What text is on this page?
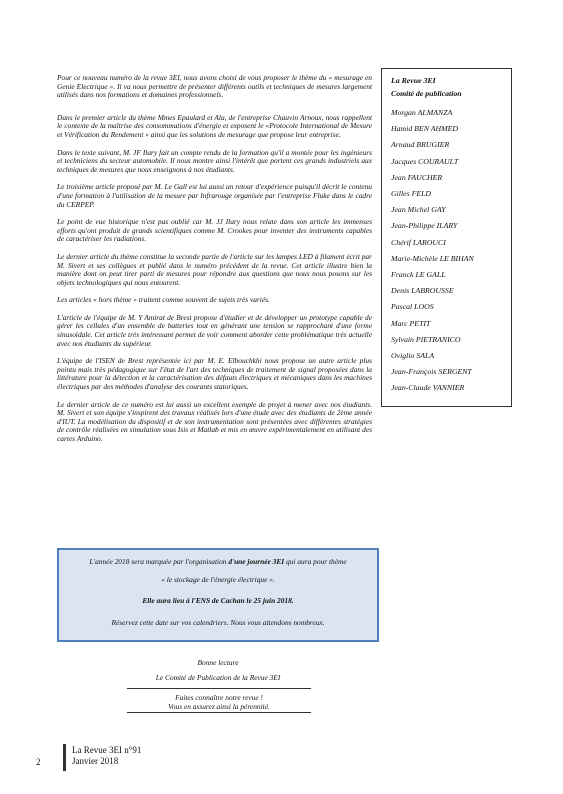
Pour ce nouveau numéro de la revue 3EI, nous avons choisi de vous proposer le thème du « mesurage en Genie Electrique ». Il va nous permettre de présenter différents outils et techniques de mesures largement utilisés dans nos formations et domaines professionnels.

Dans le premier article du thème Mmes Epaulard et Ala, de l'entreprise Chauvin Arnoux, nous rappellent le contexte de la maîtrise des consommations d'énergie et exposent le «Protocole International de Mesure et Vérification du Rendement » ainsi que les solutions de mesurage que propose leur entreprise.

Dans le texte suivant, M. JF Ilary fait un compte rendu de la formation qu'il a montée pour les ingénieurs et techniciens du secteur automobile. Il nous montre ainsi l'intérêt que portent ces grands industriels aux techniques de mesures que nous enseignons à nos étudiants.

Le troisième article proposé par M. Le Gall est lui aussi un retour d'expérience puisqu'il décrit le contenu d'une formation à l'utilisation de la mesure par Infrarouge organisée par l'entreprise Fluke dans le cadre du CERPEP.

Le point de vue historique n'est pas oublié car M. JJ Ilary nous relate dans son article les immenses efforts qu'ont produit de grands scientifiques comme M. Crookes pour inventer des instruments capables de caractériser les radiations.

Le dernier article du thème constitue la seconde partie de l'article sur les lampes LED à filament écrit par M. Sivert et ses collègues et publié dans le numéro précédent de la revue. Cet article illustre bien la manière dont on peut tirer parti de mesures pour répondre aux questions que nous nous posons sur les objets technologiques qui nous entourent.

Les articles « hors thème » traitent comme souvent de sujets très variés.

L'article de l'équipe de M. Y Amirat de Brest propose d'étudier et de développer un prototype capable de gérer les cellules d'un ensemble de batteries tout en générant une tension se rapprochant d'une forme sinusoïdale. Cet article très intéressant permet de voir comment aborder cette problématique très actuelle avec nos étudiants du supérieur.

L'équipe de l'ISEN de Brest représentée ici par M. E. Elbouchkhi nous propose un autre article plus pointu mais très pédagogique sur l'état de l'art des techniques de traitement de signal proposées dans la littérature pour la détection et la caractérisation des défauts électriques et mécaniques dans les machines électriques par des méthodes d'analyse des courants statoriques.

Le dernier article de ce numéro est lui aussi un excellent exemple de projet à mener avec nos étudiants. M. Sivert et son équipe s'inspirent des travaux réalisés lors d'une étude avec des étudiants de 2ème année d'IUT. La modélisation du dispositif et de son instrumentation sont présentées avec différentes stratégies de contrôle réalisées en simulation sous Isis et Matlab et mis en œuvre expérimentalement en utilisant des cartes Arduino.

La Revue 3EI
Comité de publication
Morgan ALMANZA
Hamid BEN AHMED
Arnaud BRUGIER
Jacques COURAULT
Jean FAUCHER
Gilles FELD
Jean Michel GAY
Jean-Philippe ILARY
Chérif LAROUCI
Marie-Michèle LE BIHAN
Franck LE GALL
Denis LABROUSSE
Pascal LOOS
Marc PETIT
Sylvain PIETRANICO
Oviglio SALA
Jean-François SERGENT
Jean-Claude VANNIER

L'année 2018 sera marquée par l'organisation d'une journée 3EI qui aura pour thème

« le stockage de l'énergie électrique ».

Elle aura lieu à l'ENS de Cachan le 25 juin 2018.

Réservez cette date sur vos calendriers. Nous vous attendons nombreux.

Bonne lecture
Le Comité de Publication de la Revue 3EI
Faites connaître notre revue !
Vous en assurez ainsi la pérennité.
2
La Revue 3EI n°91
Janvier 2018
